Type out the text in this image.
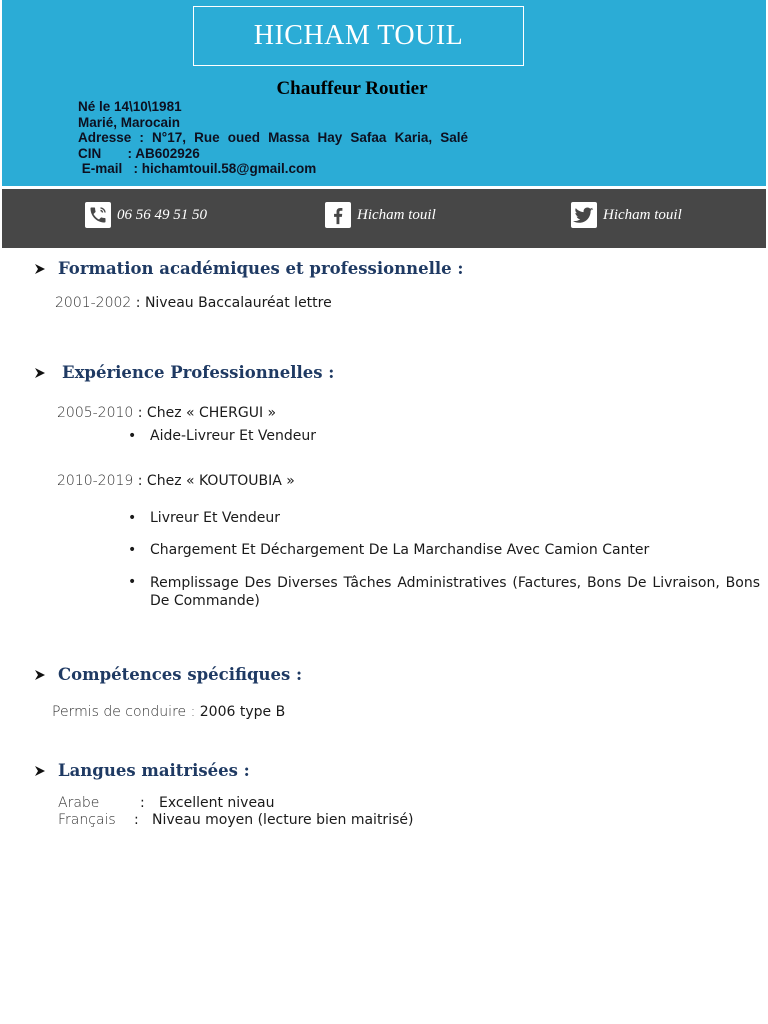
HICHAM TOUIL
Chauffeur Routier
Né le 14\10\1981
Marié, Marocain
Adresse : N°17, Rue oued Massa Hay Safaa Karia, Salé
CIN       : AB602926
E-mail   : hichamtouil.58@gmail.com
06 56 49 51 50	Hicham touil	Hicham touil
Formation académiques et professionnelle :
2001-2002 : Niveau Baccalauréat lettre
Expérience Professionnelles :
2005-2010 : Chez « CHERGUI »
• Aide-Livreur Et Vendeur
2010-2019 : Chez « KOUTOUBIA »
• Livreur Et Vendeur
• Chargement Et Déchargement De La Marchandise Avec Camion Canter
• Remplissage Des Diverses Tâches Administratives (Factures, Bons De Livraison, Bons De Commande)
Compétences spécifiques :
Permis de conduire : 2006 type B
Langues maitrisées :
Arabe	: Excellent niveau
Français : Niveau moyen (lecture bien maitrisé)
